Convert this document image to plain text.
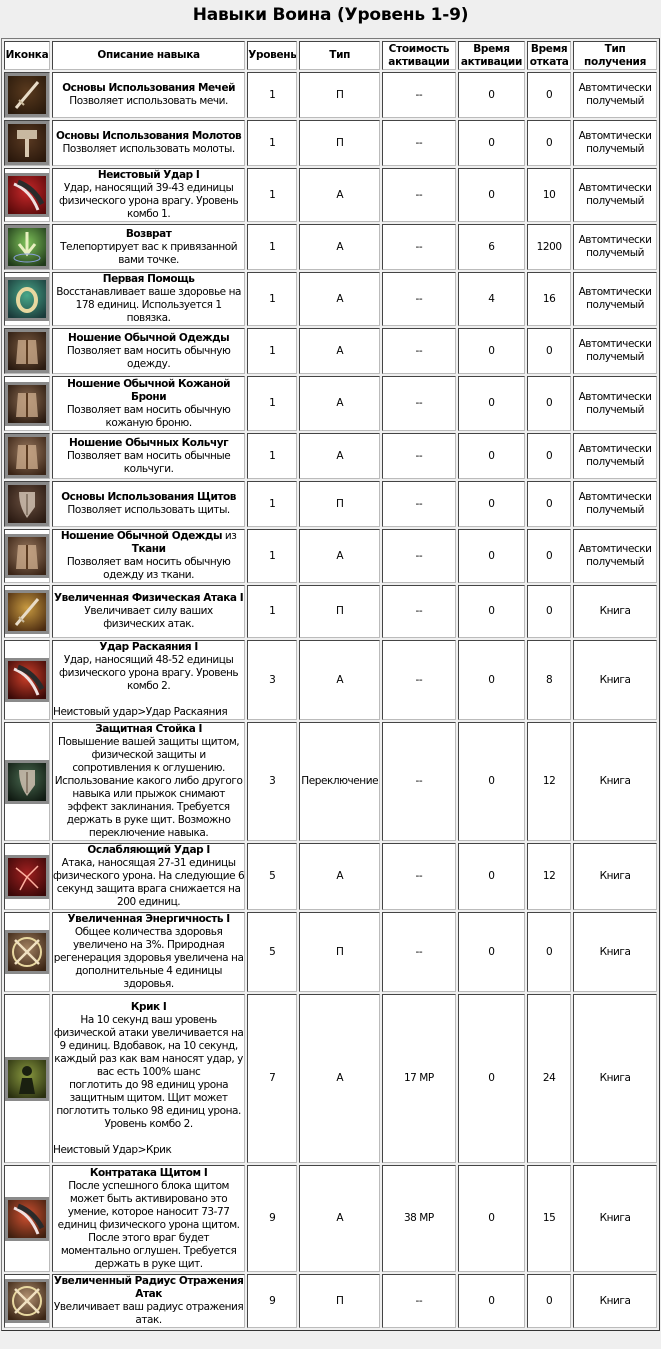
Навыки Воина (Уровень 1-9)
Иконка	Описание навыка	Уровень	Тип	Стоимость активации	Время активации	Время отката	Тип получения

Основы Использования Мечей
Позволяет использовать мечи.	1	П	--	0	0	Автомтически получемый

Основы Использования Молотов
Позволяет использовать молоты.	1	П	--	0	0	Автомтически получемый

Неистовый Удар I
Удар, наносящий 39-43 единицы физического урона врагу. Уровень комбо 1.	1	А	--	0	10	Автомтически получемый

Возврат
Телепортирует вас к привязанной вами точке.	1	А	--	6	1200	Автомтически получемый

Первая Помощь
Восстанавливает ваше здоровье на 178 единиц. Используется 1 повязка.	1	А	--	4	16	Автомтически получемый

Ношение Обычной Одежды
Позволяет вам носить обычную одежду.	1	А	--	0	0	Автомтически получемый

Ношение Обычной Кожаной Брони
Позволяет вам носить обычную кожаную броню.	1	А	--	0	0	Автомтически получемый

Ношение Обычных Кольчуг
Позволяет вам носить обычные кольчуги.	1	А	--	0	0	Автомтически получемый

Основы Использования Щитов
Позволяет использовать щиты.	1	П	--	0	0	Автомтически получемый

Ношение Обычной Одежды из Ткани
Позволяет вам носить обычную одежду из ткани.	1	А	--	0	0	Автомтически получемый

Увеличенная Физическая Атака I
Увеличивает силу ваших физических атак.	1	П	--	0	0	Книга

Удар Раскаяния I
Удар, наносящий 48-52 единицы физического урона врагу. Уровень комбо 2.
Неистовый удар>Удар Раскаяния	3	А	--	0	8	Книга

Защитная Стойка I
Повышение вашей защиты щитом, физической защиты и сопротивления к оглушению. Использование какого либо другого навыка или прыжок снимают эффект заклинания. Требуется держать в руке щит. Возможно переключение навыка.	3	Переключение	--	0	12	Книга

Ослабляющий Удар I
Атака, наносящая 27-31 единицы физического урона. На следующие 6 секунд защита врага снижается на 200 единиц.	5	А	--	0	12	Книга

Увеличенная Энергичность I
Общее количества здоровья увеличено на 3%. Природная регенерация здоровья увеличена на дополнительные 4 единицы здоровья.	5	П	--	0	0	Книга

Крик I
На 10 секунд ваш уровень физической атаки увеличивается на 9 единиц. Вдобавок, на 10 секунд, каждый раз как вам наносят удар, у вас есть 100% шанс
поглотить до 98 единиц урона защитным щитом. Щит может поглотить только 98 единиц урона. Уровень комбо 2.
Неистовый Удар>Крик	7	А	17 MP	0	24	Книга

Контратака Щитом I
После успешного блока щитом может быть активировано это умение, которое наносит 73-77 единиц физического урона щитом. После этого враг будет моментально оглушен. Требуется держать в руке щит.	9	А	38 MP	0	15	Книга

Увеличенный Радиус Отражения Атак
Увеличивает ваш радиус отражения атак.	9	П	--	0	0	Книга
